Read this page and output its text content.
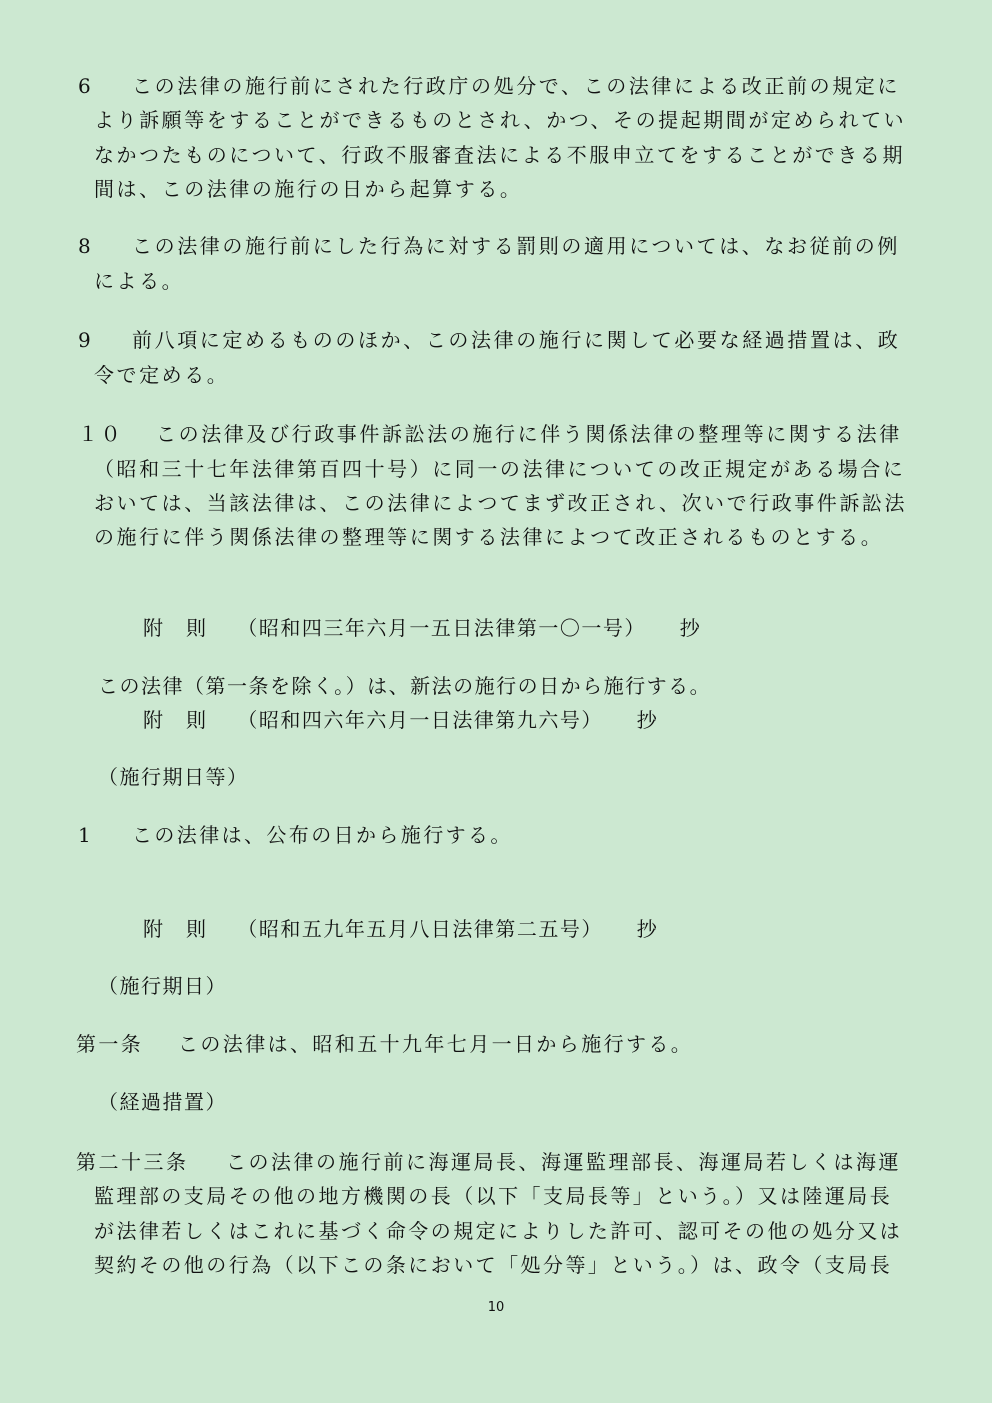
6 この法律の施行前にされた行政庁の処分で、この法律による改正前の規定に
より訴願等をすることができるものとされ、かつ、その提起期間が定められてい
なかつたものについて、行政不服審査法による不服申立てをすることができる期
間は、この法律の施行の日から起算する。
8 この法律の施行前にした行為に対する罰則の適用については、なお従前の例
による。
9 前八項に定めるもののほか、この法律の施行に関して必要な経過措置は、政
令で定める。
１０ この法律及び行政事件訴訟法の施行に伴う関係法律の整理等に関する法律
（昭和三十七年法律第百四十号）に同一の法律についての改正規定がある場合に
おいては、当該法律は、この法律によつてまず改正され、次いで行政事件訴訟法
の施行に伴う関係法律の整理等に関する法律によつて改正されるものとする。
附　則 （昭和四三年六月一五日法律第一〇一号） 抄
この法律（第一条を除く。）は、新法の施行の日から施行する。
附　則 （昭和四六年六月一日法律第九六号） 抄
（施行期日等）
1 この法律は、公布の日から施行する。
附　則 （昭和五九年五月八日法律第二五号） 抄
（施行期日）
第一条 この法律は、昭和五十九年七月一日から施行する。
（経過措置）
第二十三条 この法律の施行前に海運局長、海運監理部長、海運局若しくは海運
監理部の支局その他の地方機関の長（以下「支局長等」という。）又は陸運局長
が法律若しくはこれに基づく命令の規定によりした許可、認可その他の処分又は
契約その他の行為（以下この条において「処分等」という。）は、政令（支局長
10
